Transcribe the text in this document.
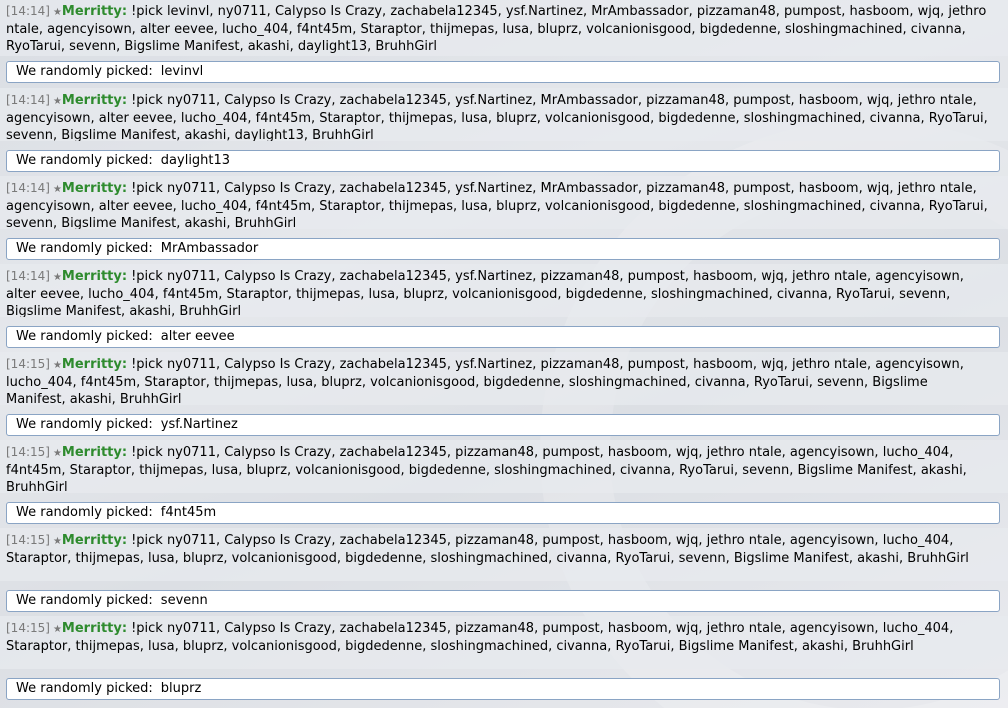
[14:14] ★Merritty: !pick levinvl, ny0711, Calypso Is Crazy, zachabela12345, ysf.Nartinez, MrAmbassador, pizzaman48, pumpost, hasboom, wjq, jethro ntale, agencyisown, alter eevee, lucho_404, f4nt45m, Staraptor, thijmepas, lusa, bluprz, volcanionisgood, bigdedenne, sloshingmachined, civanna, RyoTarui, sevenn, Bigslime Manifest, akashi, daylight13, BruhhGirl
We randomly picked: levinvl
[14:14] ★Merritty: !pick ny0711, Calypso Is Crazy, zachabela12345, ysf.Nartinez, MrAmbassador, pizzaman48, pumpost, hasboom, wjq, jethro ntale, agencyisown, alter eevee, lucho_404, f4nt45m, Staraptor, thijmepas, lusa, bluprz, volcanionisgood, bigdedenne, sloshingmachined, civanna, RyoTarui, sevenn, Bigslime Manifest, akashi, daylight13, BruhhGirl
We randomly picked: daylight13
[14:14] ★Merritty: !pick ny0711, Calypso Is Crazy, zachabela12345, ysf.Nartinez, MrAmbassador, pizzaman48, pumpost, hasboom, wjq, jethro ntale, agencyisown, alter eevee, lucho_404, f4nt45m, Staraptor, thijmepas, lusa, bluprz, volcanionisgood, bigdedenne, sloshingmachined, civanna, RyoTarui, sevenn, Bigslime Manifest, akashi, BruhhGirl
We randomly picked: MrAmbassador
[14:14] ★Merritty: !pick ny0711, Calypso Is Crazy, zachabela12345, ysf.Nartinez, pizzaman48, pumpost, hasboom, wjq, jethro ntale, agencyisown, alter eevee, lucho_404, f4nt45m, Staraptor, thijmepas, lusa, bluprz, volcanionisgood, bigdedenne, sloshingmachined, civanna, RyoTarui, sevenn, Bigslime Manifest, akashi, BruhhGirl
We randomly picked: alter eevee
[14:15] ★Merritty: !pick ny0711, Calypso Is Crazy, zachabela12345, ysf.Nartinez, pizzaman48, pumpost, hasboom, wjq, jethro ntale, agencyisown, lucho_404, f4nt45m, Staraptor, thijmepas, lusa, bluprz, volcanionisgood, bigdedenne, sloshingmachined, civanna, RyoTarui, sevenn, Bigslime Manifest, akashi, BruhhGirl
We randomly picked: ysf.Nartinez
[14:15] ★Merritty: !pick ny0711, Calypso Is Crazy, zachabela12345, pizzaman48, pumpost, hasboom, wjq, jethro ntale, agencyisown, lucho_404, f4nt45m, Staraptor, thijmepas, lusa, bluprz, volcanionisgood, bigdedenne, sloshingmachined, civanna, RyoTarui, sevenn, Bigslime Manifest, akashi, BruhhGirl
We randomly picked: f4nt45m
[14:15] ★Merritty: !pick ny0711, Calypso Is Crazy, zachabela12345, pizzaman48, pumpost, hasboom, wjq, jethro ntale, agencyisown, lucho_404, Staraptor, thijmepas, lusa, bluprz, volcanionisgood, bigdedenne, sloshingmachined, civanna, RyoTarui, sevenn, Bigslime Manifest, akashi, BruhhGirl
We randomly picked: sevenn
[14:15] ★Merritty: !pick ny0711, Calypso Is Crazy, zachabela12345, pizzaman48, pumpost, hasboom, wjq, jethro ntale, agencyisown, lucho_404, Staraptor, thijmepas, lusa, bluprz, volcanionisgood, bigdedenne, sloshingmachined, civanna, RyoTarui, Bigslime Manifest, akashi, BruhhGirl
We randomly picked: bluprz
